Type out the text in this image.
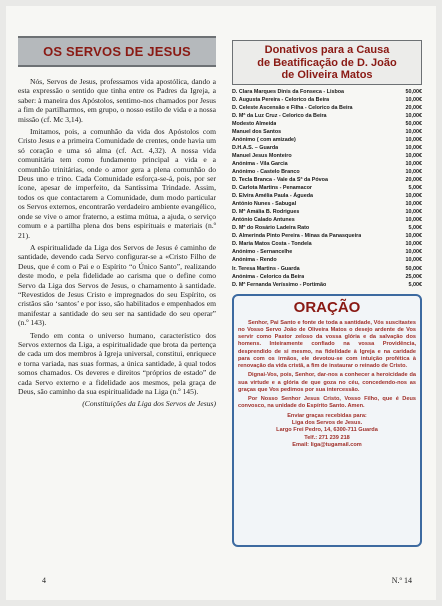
OS SERVOS DE JESUS

Nós, Servos de Jesus, professamos vida apostólica, dando a esta expressão o sentido que tinha entre os Padres da Igreja, a saber: à maneira dos Apóstolos, sentimo-nos chamados por Jesus a fim de partilharmos, em grupo, o nosso estilo de vida e a nossa missão (cf. Mc 3,14).

Imitamos, pois, a comunhão da vida dos Apóstolos com Cristo Jesus e a primeira Comunidade de crentes, onde havia um só coração e uma só alma (cf. Act. 4,32). A nossa vida comunitária tem como fundamento principal a vida e a comunhão trinitárias, onde o amor gera a plena comunhão do Deus uno e trino. Cada Comunidade esforça-se-á, pois, por ser ícone, apesar de imperfeito, da Santíssima Trindade. Assim, todos os que contactarem a Comunidade, dum modo particular os Servos externos, encontrarão verdadeiro ambiente evangélico, onde se vive o amor fraterno, a estima mútua, a ajuda, o serviço comum e a partilha plena dos bens espirituais e materiais (n.º 21).

A espiritualidade da Liga dos Servos de Jesus é caminho de santidade, devendo cada Servo configurar-se a «Cristo Filho de Deus, que é com o Pai e o Espírito “o Único Santo”, realizando deste modo, e pela fidelidade ao carisma que o define como Servo da Liga dos Servos de Jesus, o chamamento à santidade. “Revestidos de Jesus Cristo e impregnados do seu Espírito, os cristãos são ‘santos’ e por isso, são habilitados e empenhados em manifestar a santidade do seu ser na santidade do seu operar” (n.º 143).

Tendo em conta o universo humano, característico dos Servos externos da Liga, a espiritualidade que brota da pertença de cada um dos membros à Igreja universal, constitui, enriquece e torna variada, nas suas formas, a única santidade, à qual todos somos chamados. Os deveres e direitos “próprios de estado” de cada Servo externo e a fidelidade aos mesmos, pela graça de Deus, são caminho da sua espiritualidade na Liga (n.º 145).

(Constituições da Liga dos Servos de Jesus)
Donativos para a Causa
de Beatificação de D. João
de Oliveira Matos
D. Clara Marques Dinis da Fonseca - Lisboa	50,00€
D. Augusta Pereira - Celorico da Beira	10,00€
D. Celeste Ascensão e Filha - Celorico da Beira	20,00€
D. Mª da Luz Cruz - Celorico da Beira	10,00€
Modesto Almeida	50,00€
Manuel dos Santos	10,00€
Anónimo ( com amizade)	10,00€
D.H.A.S. – Guarda	10,00€
Manuel Jesus Monteiro	10,00€
Anónima - Vila Garcia	10,00€
Anónimo - Castelo Branco	10,00€
D. Tecla Branca - Vale da Sª da Póvoa	20,00€
D. Carlota Martins - Penamacor	5,00€
D. Elvira Amélia Paula - Águeda	10,00€
António Nunes - Sabugal	10,00€
D. Mª Amália B. Rodrigues	10,00€
António Calado Antunes	10,00€
D. Mª do Rosário Ladeira Rato	5,00€
D. Almerinda Pinto Pereira - Minas da Panasqueira	10,00€
D. Maria Matos Costa - Tondela	10,00€
Anónimo - Sernancelhe	10,00€
Anónima - Rendo	10,00€
Ir. Teresa Martins - Guarda	50,00€
Anónima - Celorico da Beira	25,00€
D. Mª Fernanda Veríssimo - Portimão	5,00€
ORAÇÃO

Senhor, Pai Santo e fonte de toda a santidade, Vós suscitastes no Vosso Servo João de Oliveira Matos o desejo ardente de Vos servir como Pastor zeloso da vossa glória e da salvação dos homens. Inteiramente confiado na vossa Providência, desprendido de si mesmo, na fidelidade à Igreja e na caridade para com os irmãos, ele devotou-se com intuição profética à renovação da vida cristã, a fim de instaurar o reinado de Cristo.

Dignai-Vos, pois, Senhor, dar-nos a conhecer a heroicidade da sua virtude e a glória de que goza no céu, concedendo-nos as graças que Vos pedimos por sua intercessão.

Por Nosso Senhor Jesus Cristo, Vosso Filho, que é Deus convosco, na unidade do Espírito Santo. Amen.

Enviar graças recebidas para:
Liga dos Servos de Jesus.
Largo Frei Pedro, 14, 6300-711 Guarda
Telf.: 271 239 218
Email: liga@tugamail.com
4	N.º 14
